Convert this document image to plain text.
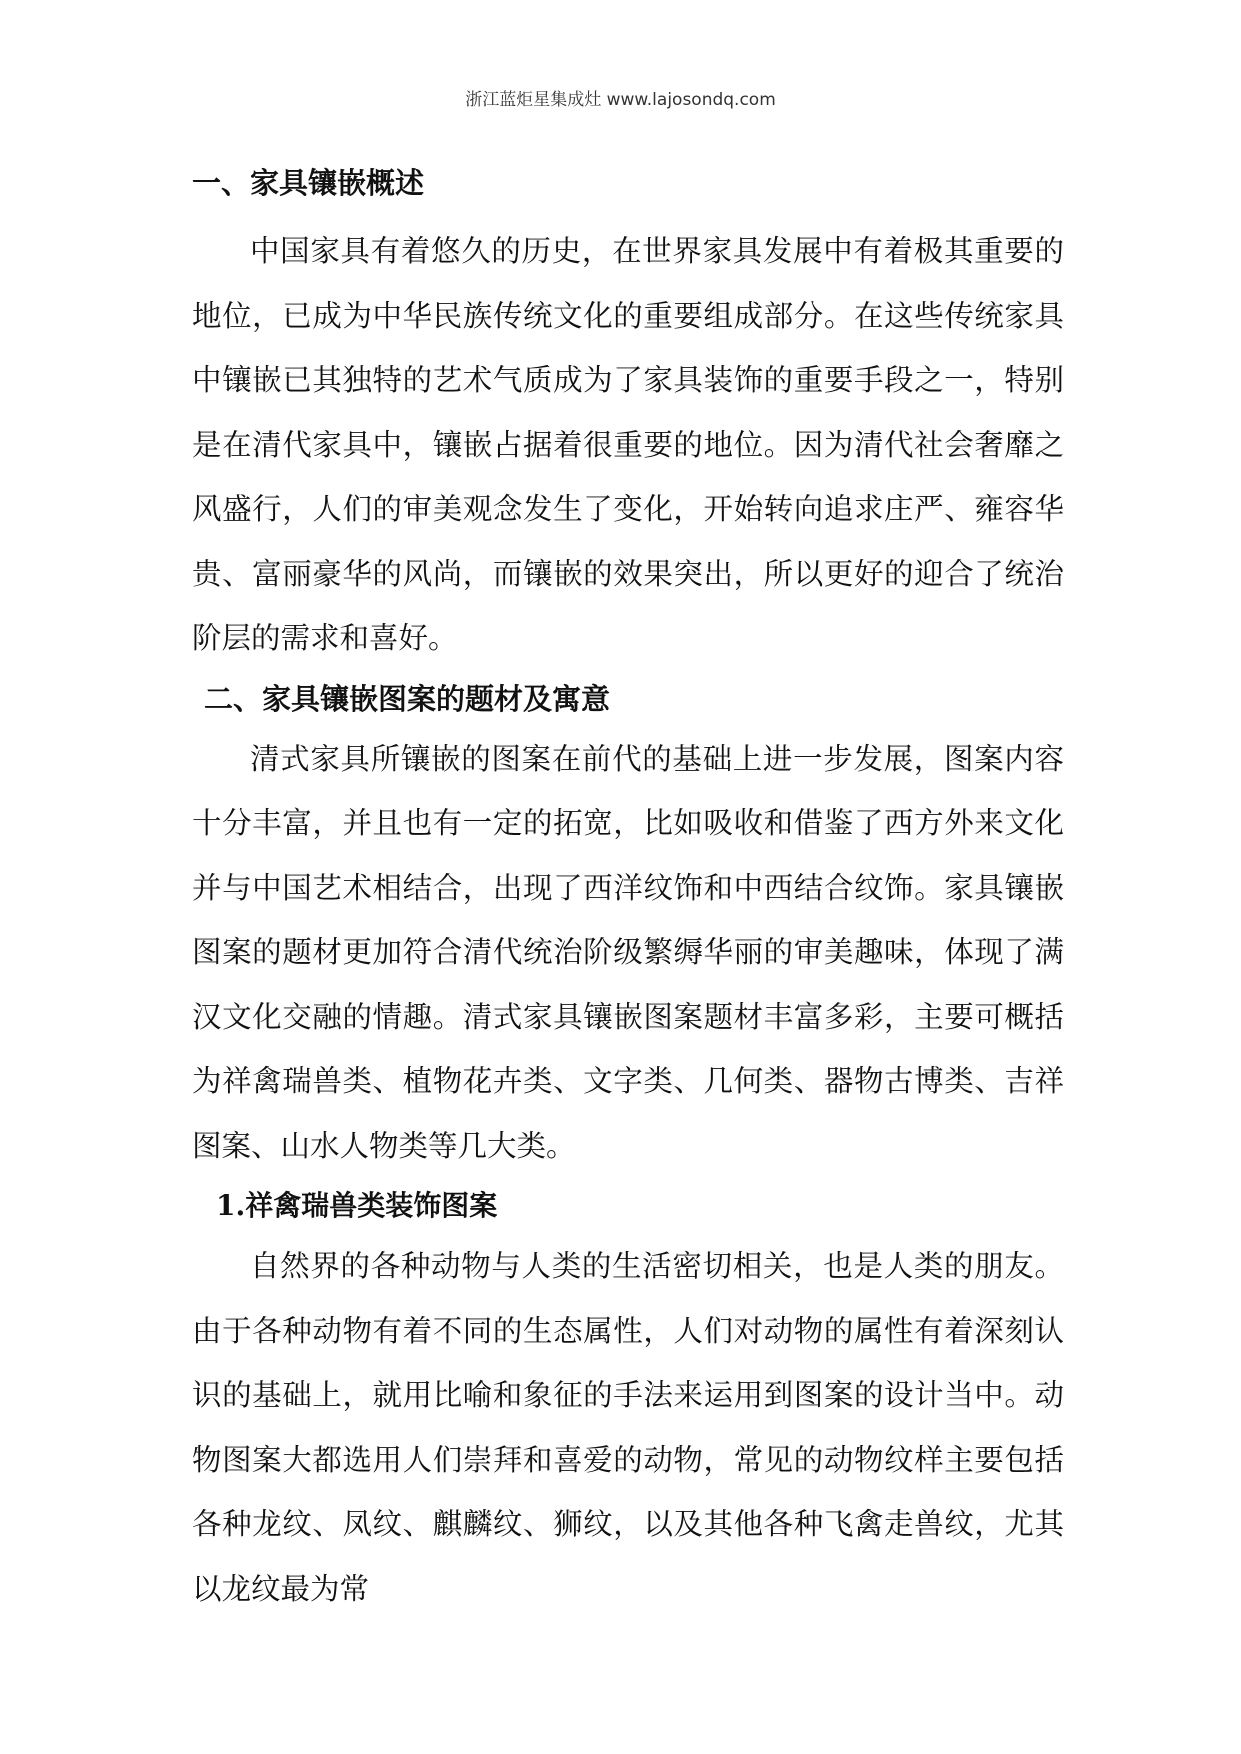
浙江蓝炬星集成灶 www.lajosondq.com
一、家具镶嵌概述

中国家具有着悠久的历史，在世界家具发展中有着极其重要的地位，已成为中华民族传统文化的重要组成部分。在这些传统家具中镶嵌已其独特的艺术气质成为了家具装饰的重要手段之一，特别是在清代家具中，镶嵌占据着很重要的地位。因为清代社会奢靡之风盛行，人们的审美观念发生了变化，开始转向追求庄严、雍容华贵、富丽豪华的风尚，而镶嵌的效果突出，所以更好的迎合了统治阶层的需求和喜好。

二、家具镶嵌图案的题材及寓意

清式家具所镶嵌的图案在前代的基础上进一步发展，图案内容十分丰富，并且也有一定的拓宽，比如吸收和借鉴了西方外来文化并与中国艺术相结合，出现了西洋纹饰和中西结合纹饰。家具镶嵌图案的题材更加符合清代统治阶级繁缛华丽的审美趣味，体现了满汉文化交融的情趣。清式家具镶嵌图案题材丰富多彩，主要可概括为祥禽瑞兽类、植物花卉类、文字类、几何类、器物古博类、吉祥图案、山水人物类等几大类。

1.祥禽瑞兽类装饰图案

自然界的各种动物与人类的生活密切相关，也是人类的朋友。由于各种动物有着不同的生态属性，人们对动物的属性有着深刻认识的基础上，就用比喻和象征的手法来运用到图案的设计当中。动物图案大都选用人们崇拜和喜爱的动物，常见的动物纹样主要包括各种龙纹、凤纹、麒麟纹、狮纹，以及其他各种飞禽走兽纹，尤其以龙纹最为常
